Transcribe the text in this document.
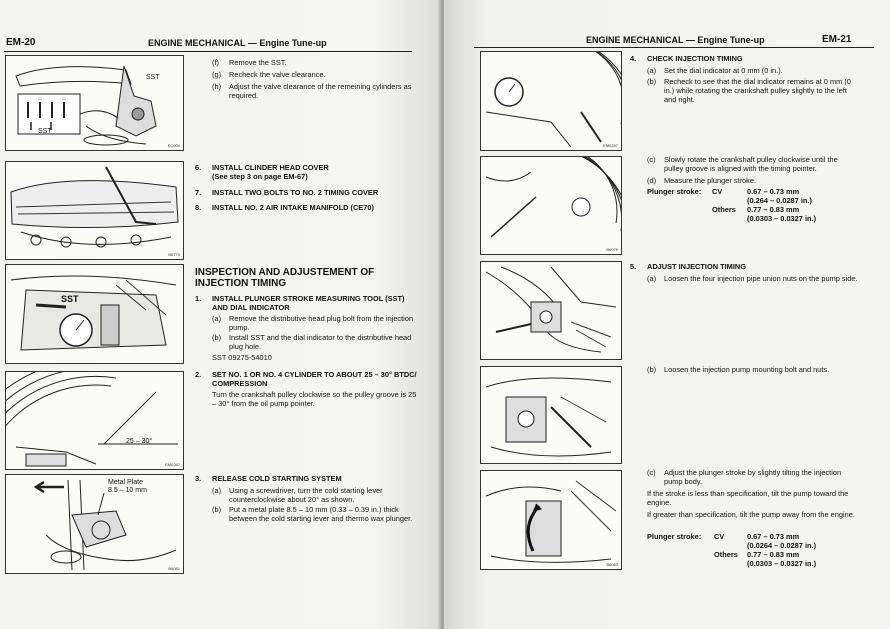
EM-20	ENGINE MECHANICAL — Engine Tune-up
SST
SST
EC900
(f) Remove the SST.
(g) Recheck the valve clearance.
(h) Adjust the valve clearance of the remeining cylinders as required.
B6770
6.	INSTALL CLINDER HEAD COVER
(See step 3 on page EM-67)
7.	INSTALL TWO BOLTS TO NO. 2 TIMING COVER
8.	INSTALL NO. 2 AIR INTAKE MANIFOLD (CE70)
SST
INSPECTION AND ADJUSTEMENT OF INJECTION TIMING
1.	INSTALL PLUNGER STROKE MEASURING TOOL (SST) AND DIAL INDICATOR
(a) Remove the distributive head plug bolt from the injection pump.
(b) Install SST and the dial indicator to the distributive head plug hole.
SST 09275-54010
25 – 30°
EM0287
2.	SET NO. 1 OR NO. 4 CYLINDER TO ABOUT 25 – 30° BTDC/ COMPRESSION
Turn the crankshaft pulley clockwise so the pulley groove is 25 – 30° from the oil pump pointer.
Metal Plate
8.5 – 10 mm
B6081
3.	RELEASE COLD STARTING SYSTEM
(a) Using a screwdriver, turn the cold starting lever counterclockwise about 20° as shown.
(b) Put a metal plate 8.5 – 10 mm (0.33 – 0.39 in.) thick between the cold starting lever and thermo wax plunger.
ENGINE MECHANICAL — Engine Tune-up	EM-21
EM0287
4.	CHECK INJECTION TIMING
(a) Set the dial indicator at 0 mm (0 in.).
(b) Recheck to see that the dial indicator remains at 0 mm (0 in.) while rotating the crankshaft pulley slightly to the left and right.
B6079
(c) Slowly rotate the crankshaft pulley clockwise until the pulley groove is aligned with the timing pointer.
(d) Measure the plunger stroke.
Plunger stroke: CV	0.67 – 0.73 mm
(0.264 – 0.0287 in.)
Others 0.77 – 0.83 mm
(0.0303 – 0.0327 in.)
5.	ADJUST INJECTION TIMING
(a) Loosen the four injection pipe union nuts on the pump side.
(b) Loosen the injection pump mounting bolt and nuts.
B6083
(c) Adjust the plunger stroke by slightly tilting the injection pump body.
If the stroke is less than specification, tilt the pump toward the engine.
If greater than specification, tilt the pump away from the engine.
Plunger stroke: CV	0.67 – 0.73 mm
(0.0264 – 0.0287 in.)
Others 0.77 – 0.83 mm
(0.0303 – 0.0327 in.)
